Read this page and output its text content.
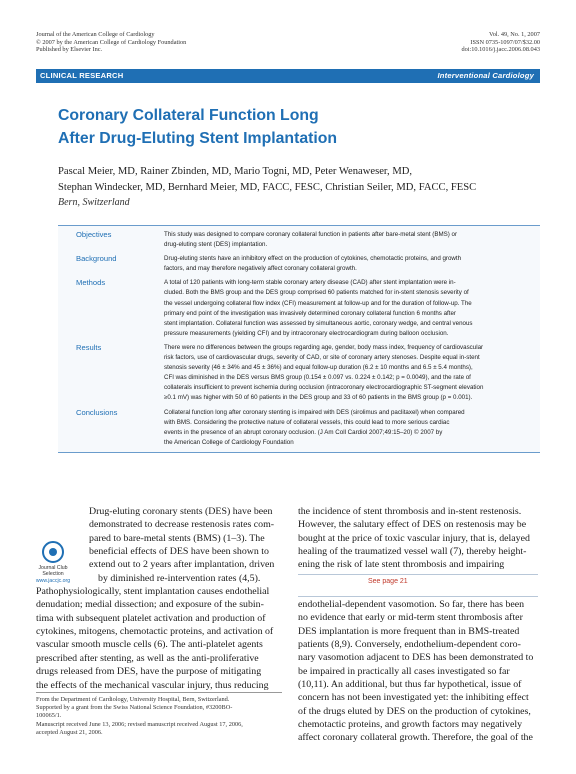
Journal of the American College of Cardiology
© 2007 by the American College of Cardiology Foundation
Published by Elsevier Inc.
Vol. 49, No. 1, 2007
ISSN 0735-1097/07/$32.00
doi:10.1016/j.jacc.2006.08.043
CLINICAL RESEARCH	Interventional Cardiology
Coronary Collateral Function Long
After Drug-Eluting Stent Implantation
Pascal Meier, MD, Rainer Zbinden, MD, Mario Togni, MD, Peter Wenaweser, MD,
Stephan Windecker, MD, Bernhard Meier, MD, FACC, FESC, Christian Seiler, MD, FACC, FESC
Bern, Switzerland
Objectives	This study was designed to compare coronary collateral function in patients after bare-metal stent (BMS) or
drug-eluting stent (DES) implantation.
Background	Drug-eluting stents have an inhibitory effect on the production of cytokines, chemotactic proteins, and growth
factors, and may therefore negatively affect coronary collateral growth.
Methods	A total of 120 patients with long-term stable coronary artery disease (CAD) after stent implantation were in-
cluded. Both the BMS group and the DES group comprised 60 patients matched for in-stent stenosis severity of
the vessel undergoing collateral flow index (CFI) measurement at follow-up and for the duration of follow-up. The
primary end point of the investigation was invasively determined coronary collateral function 6 months after
stent implantation. Collateral function was assessed by simultaneous aortic, coronary wedge, and central venous
pressure measurements (yielding CFI) and by intracoronary electrocardiogram during balloon occlusion.
Results	There were no differences between the groups regarding age, gender, body mass index, frequency of cardiovascular
risk factors, use of cardiovascular drugs, severity of CAD, or site of coronary artery stenoses. Despite equal in-stent
stenosis severity (46 ± 34% and 45 ± 36%) and equal follow-up duration (6.2 ± 10 months and 6.5 ± 5.4 months),
CFI was diminished in the DES versus BMS group (0.154 ± 0.097 vs. 0.224 ± 0.142; p = 0.0049), and the rate of
collaterals insufficient to prevent ischemia during occlusion (intracoronary electrocardiographic ST-segment elevation
≥0.1 mV) was higher with 50 of 60 patients in the DES group and 33 of 60 patients in the BMS group (p = 0.001).
Conclusions	Collateral function long after coronary stenting is impaired with DES (sirolimus and paclitaxel) when compared
with BMS. Considering the protective nature of collateral vessels, this could lead to more serious cardiac
events in the presence of an abrupt coronary occlusion. (J Am Coll Cardiol 2007;49:15–20) © 2007 by
the American College of Cardiology Foundation
Journal Club
Selection
www.jaccjc.org
Drug-eluting coronary stents (DES) have been
demonstrated to decrease restenosis rates com-
pared to bare-metal stents (BMS) (1–3). The
beneficial effects of DES have been shown to
extend out to 2 years after implantation, driven
by diminished re-intervention rates (4,5).
Pathophysiologically, stent implantation causes endothelial
denudation; medial dissection; and exposure of the subin-
tima with subsequent platelet activation and production of
cytokines, mitogens, chemotactic proteins, and activation of
vascular smooth muscle cells (6). The anti-platelet agents
prescribed after stenting, as well as the anti-proliferative
drugs released from DES, have the purpose of mitigating
the effects of the mechanical vascular injury, thus reducing
the incidence of stent thrombosis and in-stent restenosis.
However, the salutary effect of DES on restenosis may be
bought at the price of toxic vascular injury, that is, delayed
healing of the traumatized vessel wall (7), thereby height-
ening the risk of late stent thrombosis and impairing
See page 21
endothelial-dependent vasomotion. So far, there has been
no evidence that early or mid-term stent thrombosis after
DES implantation is more frequent than in BMS-treated
patients (8,9). Conversely, endothelium-dependent coro-
nary vasomotion adjacent to DES has been demonstrated to
be impaired in practically all cases investigated so far
(10,11). An additional, but thus far hypothetical, issue of
concern has not been investigated yet: the inhibiting effect
of the drugs eluted by DES on the production of cytokines,
chemotactic proteins, and growth factors may negatively
affect coronary collateral growth. Therefore, the goal of the
From the Department of Cardiology, University Hospital, Bern, Switzerland.
Supported by a grant from the Swiss National Science Foundation, #3200BO-
100065/1.
Manuscript received June 13, 2006; revised manuscript received August 17, 2006,
accepted August 21, 2006.
